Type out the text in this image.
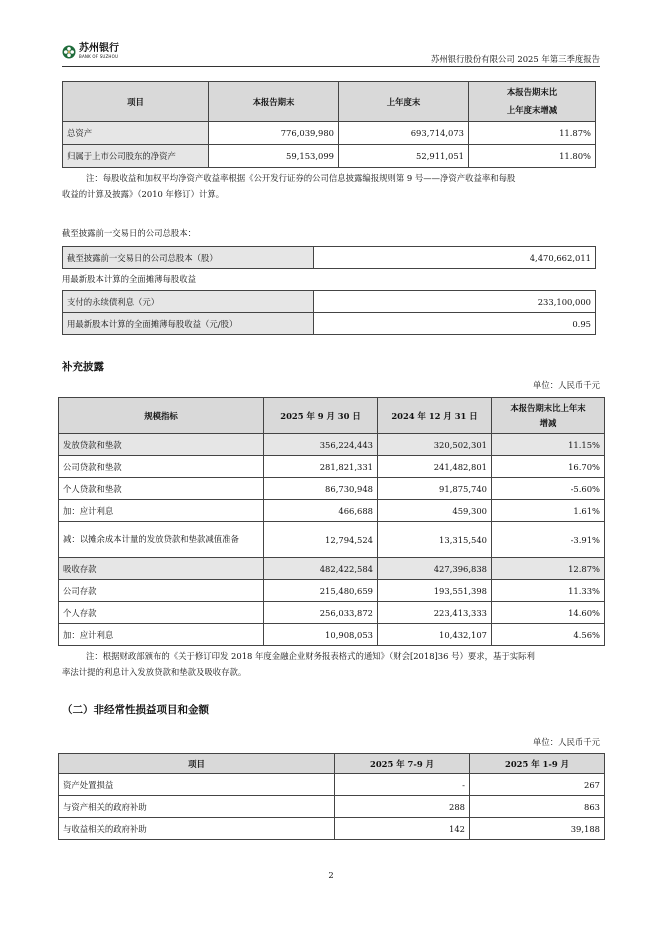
苏州银行
BANK OF SUZHOU	苏州银行股份有限公司 2025 年第三季度报告
项目	本报告期末	上年度末	本报告期末比
上年度末增减
总资产	776,039,980	693,714,073	11.87%
归属于上市公司股东的净资产	59,153,099	52,911,051	11.80%
注：每股收益和加权平均净资产收益率根据《公开发行证券的公司信息披露编报规则第 9 号——净资产收益率和每股
收益的计算及披露》（2010 年修订）计算。
截至披露前一交易日的公司总股本：
截至披露前一交易日的公司总股本（股）	4,470,662,011
用最新股本计算的全面摊薄每股收益
支付的永续债利息（元）	233,100,000
用最新股本计算的全面摊薄每股收益（元/股）	0.95
补充披露
单位：人民币千元
规模指标	2025 年 9 月 30 日	2024 年 12 月 31 日	本报告期末比上年末
增减
发放贷款和垫款	356,224,443	320,502,301	11.15%
公司贷款和垫款	281,821,331	241,482,801	16.70%
个人贷款和垫款	86,730,948	91,875,740	-5.60%
加：应计利息	466,688	459,300	1.61%
减：以摊余成本计量的发放贷款和垫款减值准备	12,794,524	13,315,540	-3.91%
吸收存款	482,422,584	427,396,838	12.87%
公司存款	215,480,659	193,551,398	11.33%
个人存款	256,033,872	223,413,333	14.60%
加：应计利息	10,908,053	10,432,107	4.56%
注：根据财政部颁布的《关于修订印发 2018 年度金融企业财务报表格式的通知》（财会[2018]36 号）要求，基于实际利
率法计提的利息计入发放贷款和垫款及吸收存款。
（二）非经常性损益项目和金额
单位：人民币千元
项目	2025 年 7-9 月	2025 年 1-9 月
资产处置损益	-	267
与资产相关的政府补助	288	863
与收益相关的政府补助	142	39,188
2
